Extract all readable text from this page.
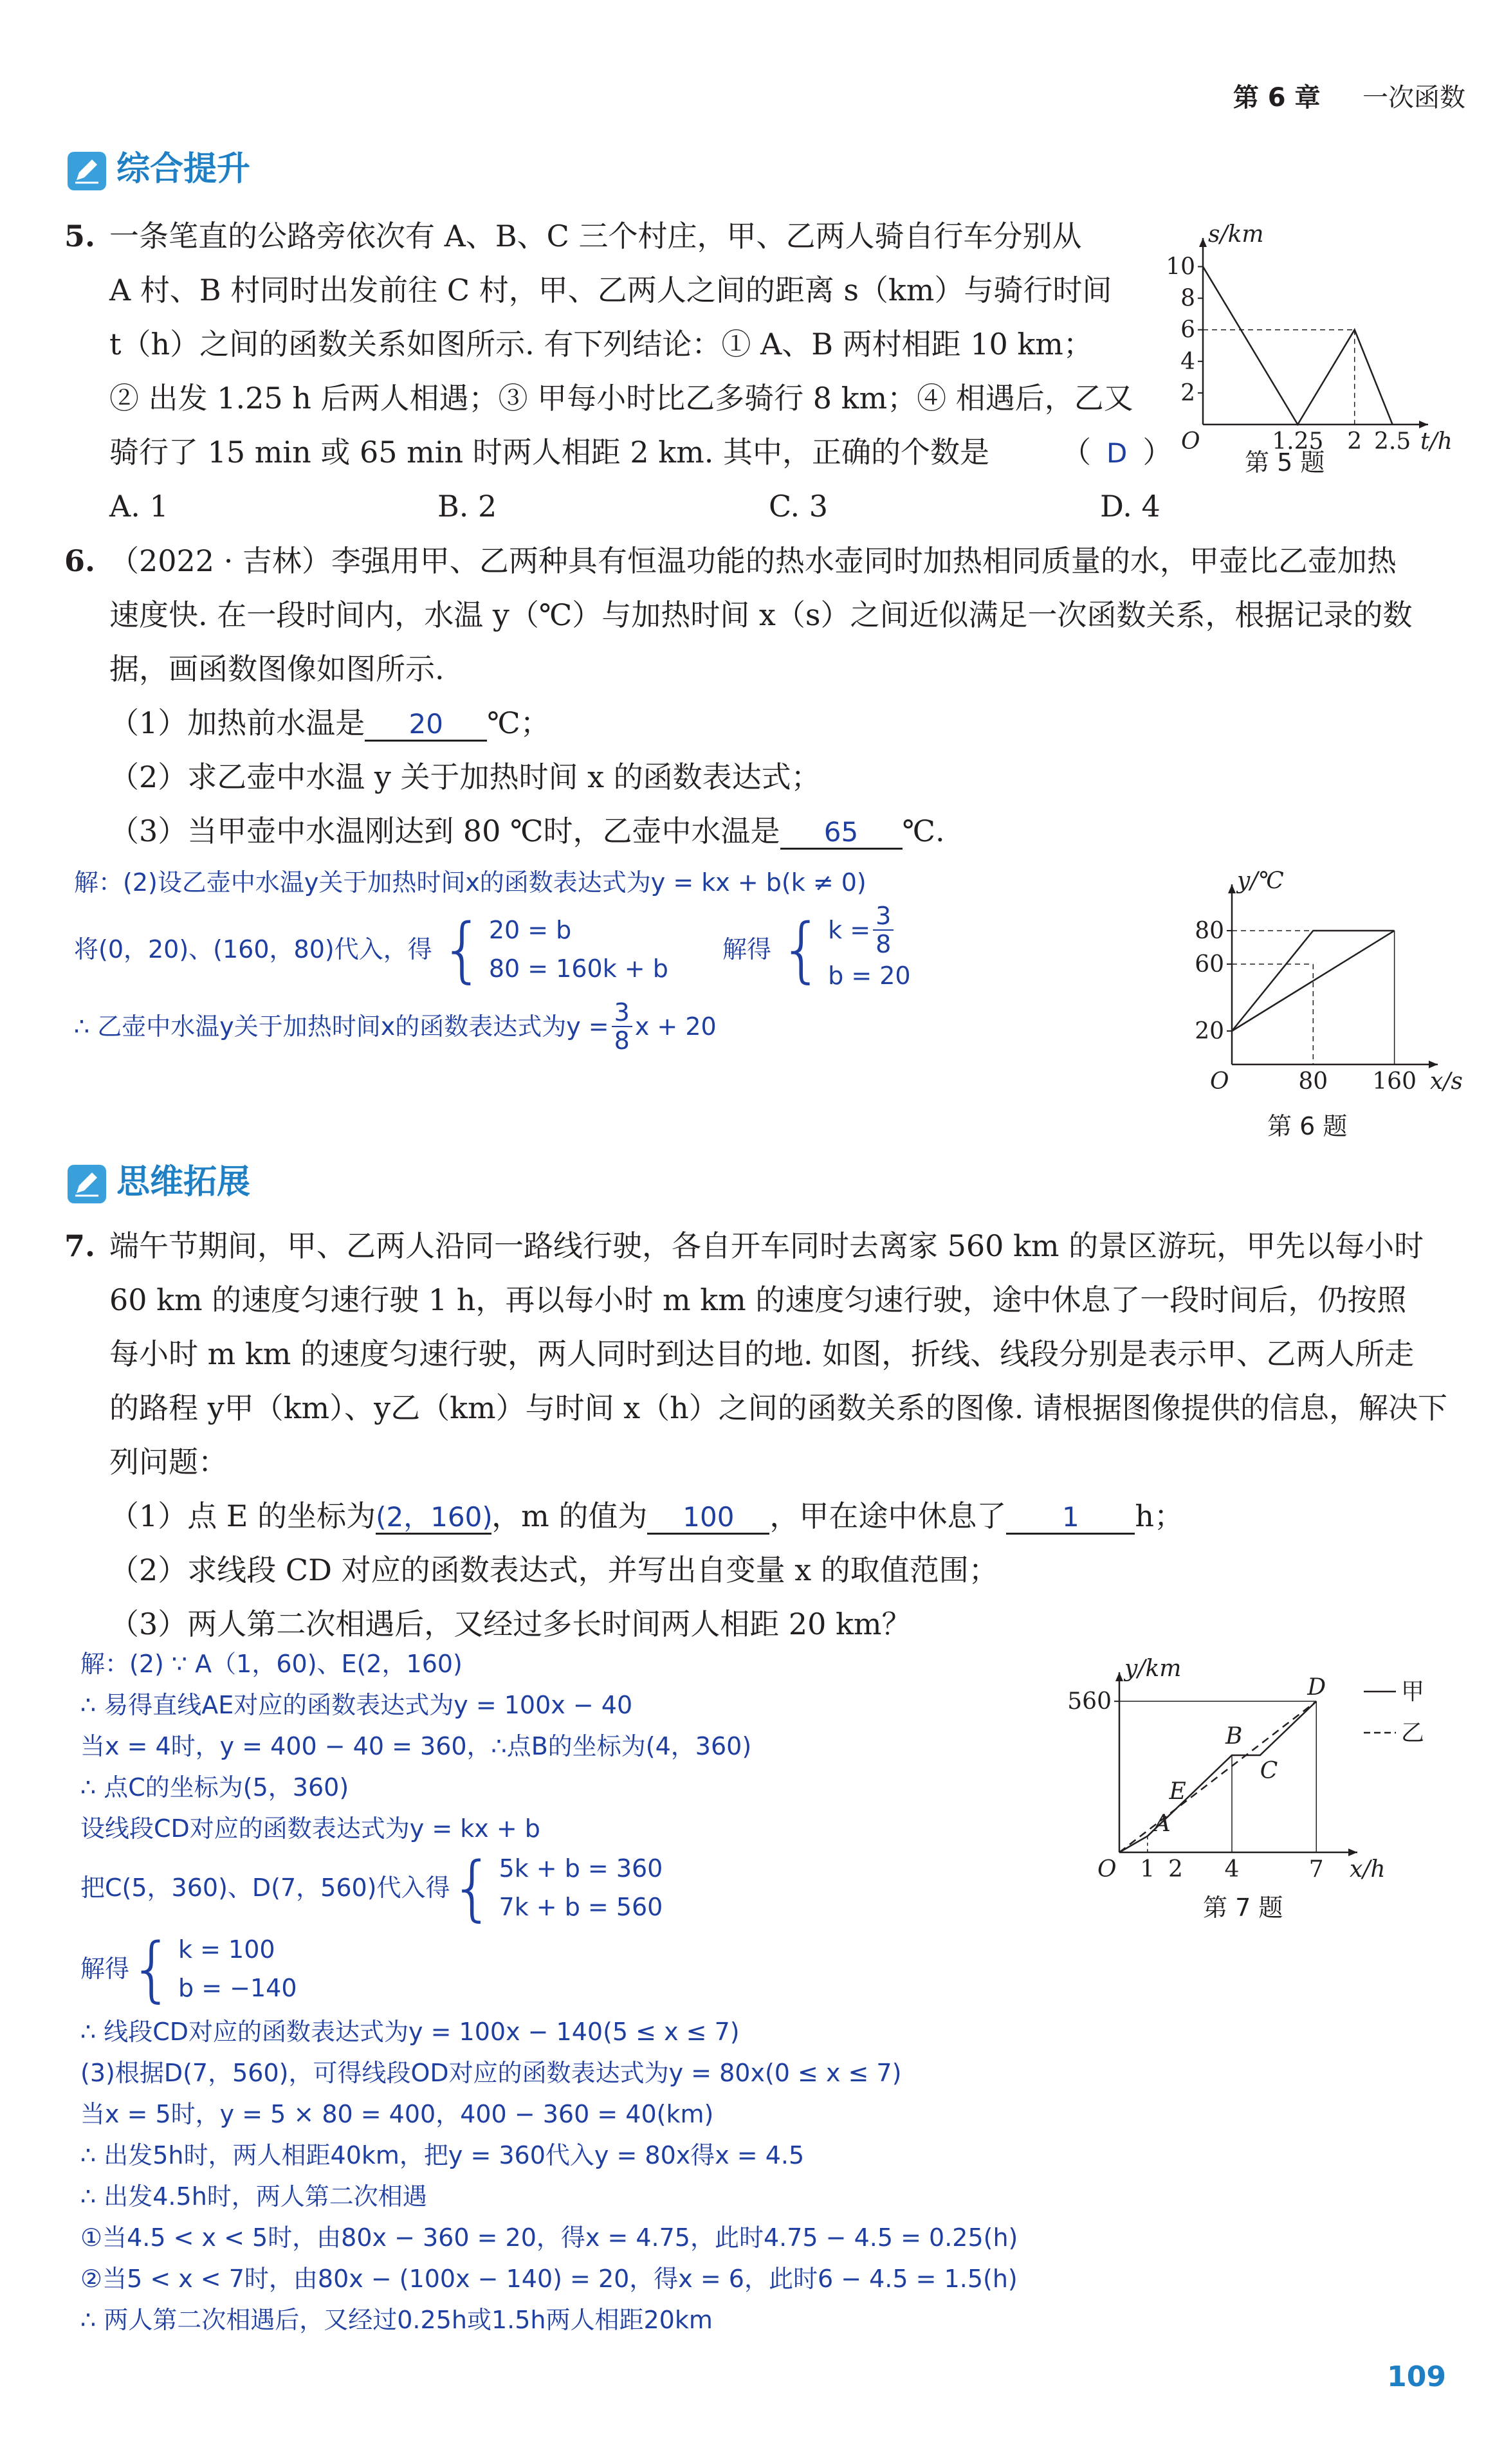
第 6 章 一次函数
综合提升
5. 一条笔直的公路旁依次有 A、B、C 三个村庄，甲、乙两人骑自行车分别从
A 村、B 村同时出发前往 C 村，甲、乙两人之间的距离 s（km）与骑行时间
t（h）之间的函数关系如图所示. 有下列结论：① A、B 两村相距 10 km；
② 出发 1.25 h 后两人相遇；③ 甲每小时比乙多骑行 8 km；④ 相遇后，乙又
骑行了 15 min 或 65 min 时两人相距 2 km. 其中，正确的个数是 （ D ）
A. 1	B. 2	C. 3	D. 4
s/km
t/h
O	1.25 2 2.5
2
4
6
8
10
第 5 题
6. （2022 · 吉林）李强用甲、乙两种具有恒温功能的热水壶同时加热相同质量的水，甲壶比乙壶加热
速度快. 在一段时间内，水温 y（℃）与加热时间 x（s）之间近似满足一次函数关系，根据记录的数
据，画函数图像如图所示.
（1）加热前水温是 20 ℃；
（2）求乙壶中水温 y 关于加热时间 x 的函数表达式；
（3）当甲壶中水温刚达到 80 ℃时，乙壶中水温是 65 ℃.
解：(2)设乙壶中水温y关于加热时间x的函数表达式为y = kx + b(k ≠ 0)
将(0，20)、(160，80)代入，得 { 20 = b
80 = 160k + b
解得 { $k = \frac{3}{8}$
b = 20
∴ 乙壶中水温y关于加热时间x的函数表达式为$y = \frac{3}{8}$ x + 20
y/℃
x/s
O	80 160
20
60
80
第 6 题
思维拓展
7. 端午节期间，甲、乙两人沿同一路线行驶，各自开车同时去离家 560 km 的景区游玩，甲先以每小时
60 km 的速度匀速行驶 1 h，再以每小时 m km 的速度匀速行驶，途中休息了一段时间后，仍按照
每小时 m km 的速度匀速行驶，两人同时到达目的地. 如图，折线、线段分别是表示甲、乙两人所走
的路程 y甲（km）、y乙（km）与时间 x（h）之间的函数关系的图像. 请根据图像提供的信息，解决下
列问题：
（1）点 E 的坐标为(2，160)，m 的值为 100 ，甲在途中休息了 1 h；
（2）求线段 CD 对应的函数表达式，并写出自变量 x 的取值范围；
（3）两人第二次相遇后，又经过多长时间两人相距 20 km？
解：(2) ∵ A（1，60)、E(2，160)
∴ 易得直线AE对应的函数表达式为y = 100x − 40
当x = 4时，y = 400 − 40 = 360，∴点B的坐标为(4，360)
∴ 点C的坐标为(5，360)
设线段CD对应的函数表达式为y = kx + b
把C(5，360)、D(7，560)代入得{ 5k + b = 360
7k + b = 560
解得{ k = 100
b = −140
∴ 线段CD对应的函数表达式为y = 100x − 140(5 ≤ x ≤ 7)
(3)根据D(7，560)，可得线段OD对应的函数表达式为y = 80x(0 ≤ x ≤ 7)
当x = 5时，y = 5 × 80 = 400，400 − 360 = 40(km)
∴ 出发5h时，两人相距40km，把y = 360代入y = 80x得x = 4.5
∴ 出发4.5h时，两人第二次相遇
①当4.5 < x < 5时，由80x − 360 = 20，得x = 4.75，此时4.75 − 4.5 = 0.25(h)
②当5 < x < 7时，由80x − (100x − 140) = 20，得x = 6，此时6 − 4.5 = 1.5(h)
∴ 两人第二次相遇后，又经过0.25h或1.5h两人相距20km
y/km
x/h
O 1 2 4	7
560
A
E
B
C
D	甲
乙
第 7 题
109
